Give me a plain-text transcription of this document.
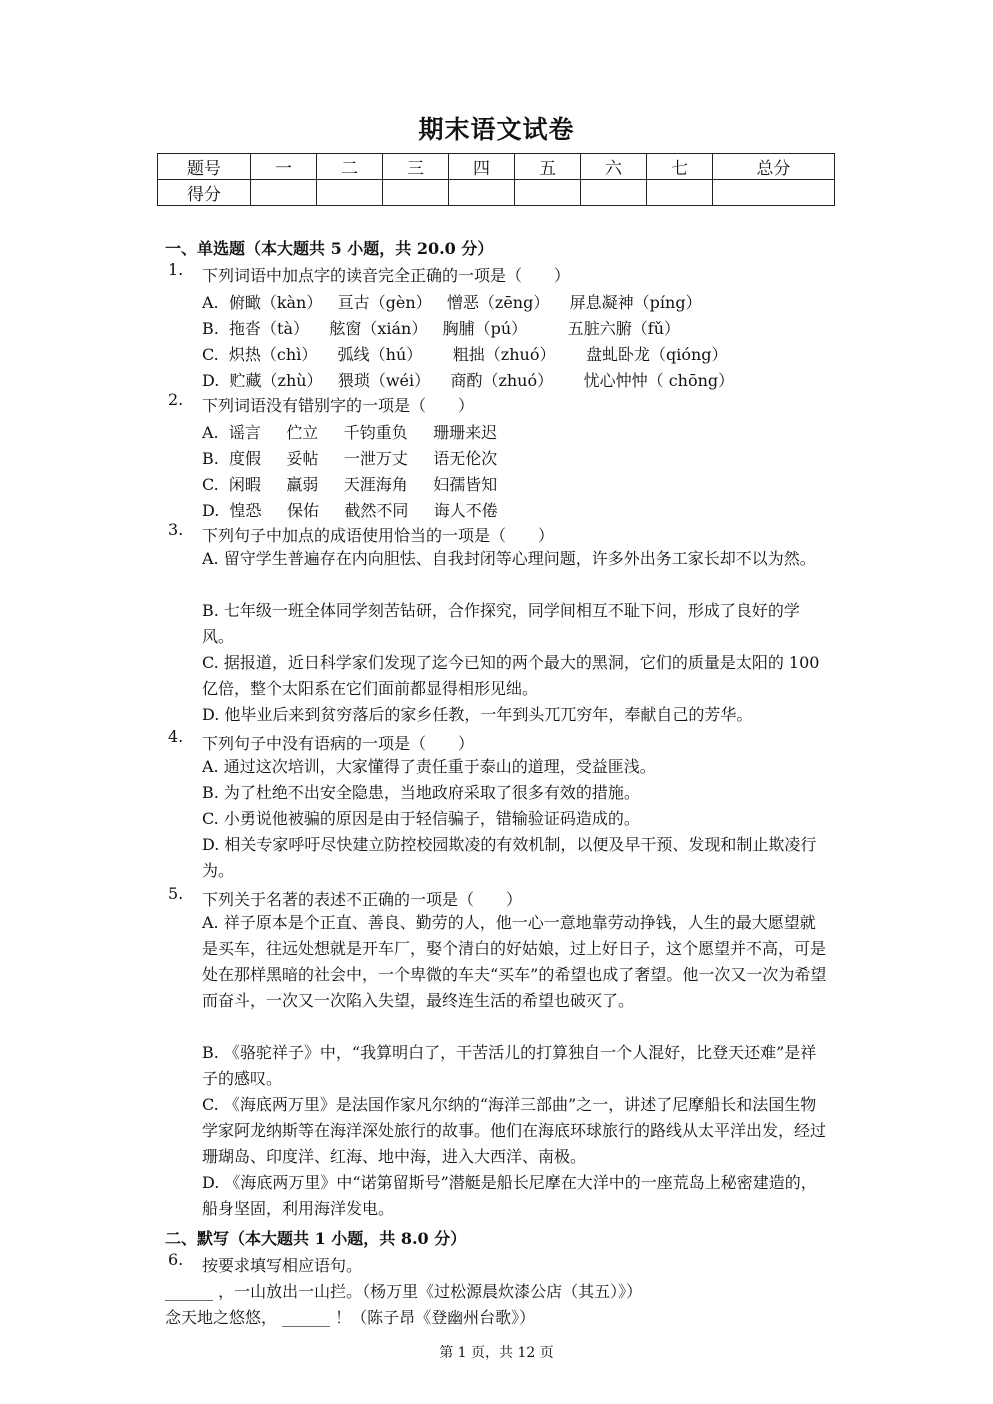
期末语文试卷
题号	一	二	三	四	五	六	七	总分
得分								
一、单选题（本大题共 5 小题，共 20.0 分）
1. 下列词语中加点字的读音完全正确的一项是（　　）
A.  俯瞰（kàn）   亘古（gèn）   憎恶（zēng）    屏息凝神（píng）
B.  拖沓（tà）    舷窗（xián）   胸脯（pú）        五脏六腑（fǔ）
C.  炽热（chì）    弧线（hú）      粗拙（zhuó）      盘虬卧龙（qióng）
D.  贮藏（zhù）   猥琐（wéi）    商酌（zhuó）      忧心忡忡（ chōng）
2. 下列词语没有错别字的一项是（　　）
A.  谣言     伫立     千钧重负     珊珊来迟
B.  度假     妥帖     一泄万丈     语无伦次
C.  闲暇     羸弱     天涯海角     妇孺皆知
D.  惶恐     保佑     截然不同     诲人不倦
3. 下列句子中加点的成语使用恰当的一项是（　　）
A. 留守学生普遍存在内向胆怯、自我封闭等心理问题，许多外出务工家长却不以为然。
B. 七年级一班全体同学刻苦钻研，合作探究，同学间相互不耻下问，形成了良好的学风。
C. 据报道，近日科学家们发现了迄今已知的两个最大的黑洞，它们的质量是太阳的 100 亿倍，整个太阳系在它们面前都显得相形见绌。
D. 他毕业后来到贫穷落后的家乡任教，一年到头兀兀穷年，奉献自己的芳华。
4. 下列句子中没有语病的一项是（　　）
A. 通过这次培训，大家懂得了责任重于泰山的道理，受益匪浅。
B. 为了杜绝不出安全隐患，当地政府采取了很多有效的措施。
C. 小勇说他被骗的原因是由于轻信骗子，错输验证码造成的。
D. 相关专家呼吁尽快建立防控校园欺凌的有效机制，以便及早干预、发现和制止欺凌行为。
5. 下列关于名著的表述不正确的一项是（　　）
A. 祥子原本是个正直、善良、勤劳的人，他一心一意地靠劳动挣钱，人生的最大愿望就是买车，往远处想就是开车厂，娶个清白的好姑娘，过上好日子，这个愿望并不高，可是处在那样黑暗的社会中，一个卑微的车夫“买车”的希望也成了奢望。他一次又一次为希望而奋斗，一次又一次陷入失望，最终连生活的希望也破灭了。
B. 《骆驼祥子》中，“我算明白了，干苦活儿的打算独自一个人混好，比登天还难”是祥子的感叹。
C. 《海底两万里》是法国作家凡尔纳的“海洋三部曲”之一，讲述了尼摩船长和法国生物学家阿龙纳斯等在海洋深处旅行的故事。他们在海底环球旅行的路线从太平洋出发，经过珊瑚岛、印度洋、红海、地中海，进入大西洋、南极。
D. 《海底两万里》中“诺第留斯号”潜艇是船长尼摩在大洋中的一座荒岛上秘密建造的，船身坚固，利用海洋发电。
二、默写（本大题共 1 小题，共 8.0 分）
6. 按要求填写相应语句。
______ ，一山放出一山拦。（杨万里《过松源晨炊漆公店（其五）》）
念天地之悠悠， ______ ！（陈子昂《登幽州台歌》）
第 1 页，共 12 页
